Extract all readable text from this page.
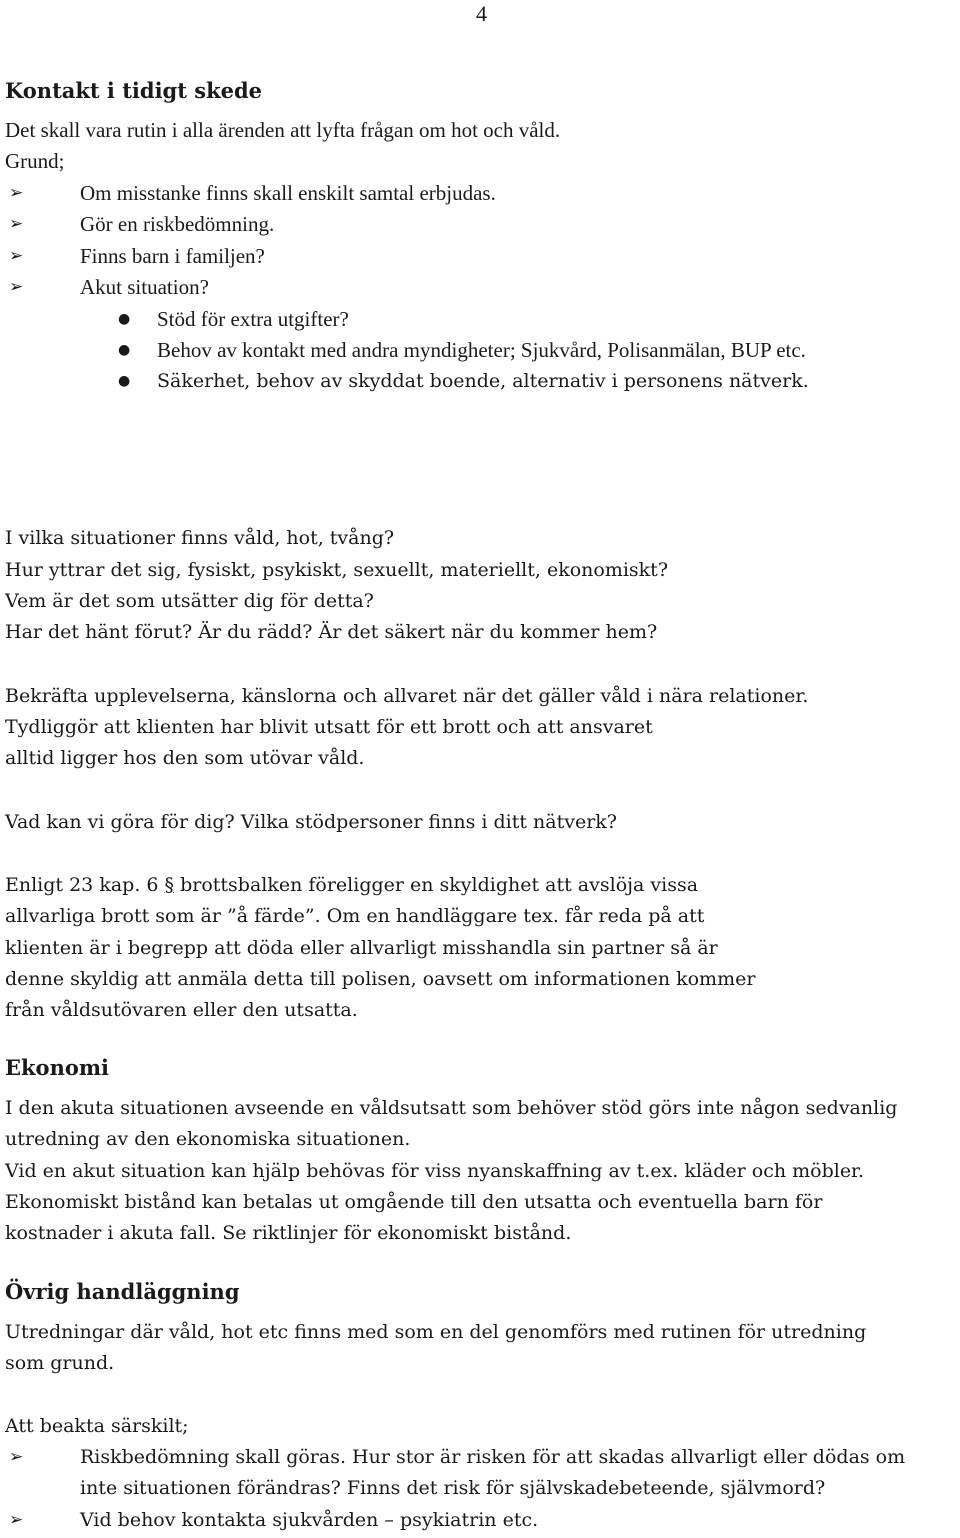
4
Kontakt i tidigt skede
Det skall vara rutin i alla ärenden att lyfta frågan om hot och våld.
Grund;
➢	Om misstanke finns skall enskilt samtal erbjudas.
➢	Gör en riskbedömning.
➢	Finns barn i familjen?
➢	Akut situation?
● Stöd för extra utgifter?
● Behov av kontakt med andra myndigheter; Sjukvård, Polisanmälan, BUP etc.
● Säkerhet, behov av skyddat boende, alternativ i personens nätverk.
I vilka situationer finns våld, hot, tvång?
Hur yttrar det sig, fysiskt, psykiskt, sexuellt, materiellt, ekonomiskt?
Vem är det som utsätter dig för detta?
Har det hänt förut? Är du rädd? Är det säkert när du kommer hem?
Bekräfta upplevelserna, känslorna och allvaret när det gäller våld i nära relationer.
Tydliggör att klienten har blivit utsatt för ett brott och att ansvaret
alltid ligger hos den som utövar våld.
Vad kan vi göra för dig? Vilka stödpersoner finns i ditt nätverk?
Enligt 23 kap. 6 § brottsbalken föreligger en skyldighet att avslöja vissa
allvarliga brott som är ”å färde”. Om en handläggare tex. får reda på att
klienten är i begrepp att döda eller allvarligt misshandla sin partner så är
denne skyldig att anmäla detta till polisen, oavsett om informationen kommer
från våldsutövaren eller den utsatta.
Ekonomi
I den akuta situationen avseende en våldsutsatt som behöver stöd görs inte någon sedvanlig
utredning av den ekonomiska situationen.
Vid en akut situation kan hjälp behövas för viss nyanskaffning av t.ex. kläder och möbler.
Ekonomiskt bistånd kan betalas ut omgående till den utsatta och eventuella barn för
kostnader i akuta fall. Se riktlinjer för ekonomiskt bistånd.
Övrig handläggning
Utredningar där våld, hot etc finns med som en del genomförs med rutinen för utredning
som grund.
Att beakta särskilt;
➢	Riskbedömning skall göras. Hur stor är risken för att skadas allvarligt eller dödas om
inte situationen förändras? Finns det risk för självskadebeteende, självmord?
➢	Vid behov kontakta sjukvården – psykiatrin etc.
